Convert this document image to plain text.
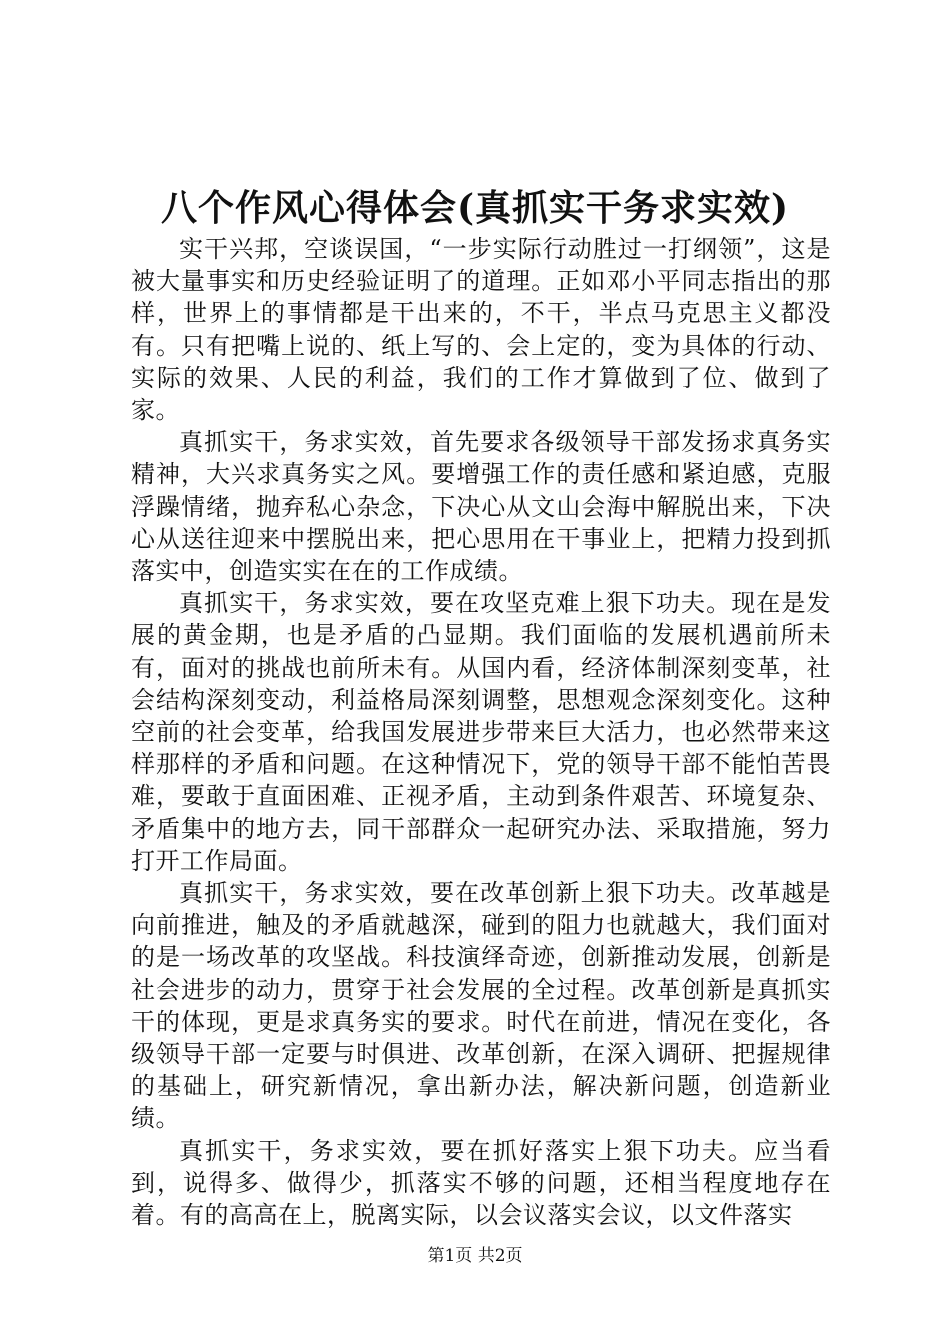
八个作风心得体会(真抓实干务求实效)

实干兴邦，空谈误国，“一步实际行动胜过一打纲领”，这是被大量事实和历史经验证明了的道理。正如邓小平同志指出的那样，世界上的事情都是干出来的，不干，半点马克思主义都没有。只有把嘴上说的、纸上写的、会上定的，变为具体的行动、实际的效果、人民的利益，我们的工作才算做到了位、做到了家。

真抓实干，务求实效，首先要求各级领导干部发扬求真务实精神，大兴求真务实之风。要增强工作的责任感和紧迫感，克服浮躁情绪，抛弃私心杂念，下决心从文山会海中解脱出来，下决心从送往迎来中摆脱出来，把心思用在干事业上，把精力投到抓落实中，创造实实在在的工作成绩。

真抓实干，务求实效，要在攻坚克难上狠下功夫。现在是发展的黄金期，也是矛盾的凸显期。我们面临的发展机遇前所未有，面对的挑战也前所未有。从国内看，经济体制深刻变革，社会结构深刻变动，利益格局深刻调整，思想观念深刻变化。这种空前的社会变革，给我国发展进步带来巨大活力，也必然带来这样那样的矛盾和问题。在这种情况下，党的领导干部不能怕苦畏难，要敢于直面困难、正视矛盾，主动到条件艰苦、环境复杂、矛盾集中的地方去，同干部群众一起研究办法、采取措施，努力打开工作局面。

真抓实干，务求实效，要在改革创新上狠下功夫。改革越是向前推进，触及的矛盾就越深，碰到的阻力也就越大，我们面对的是一场改革的攻坚战。科技演绎奇迹，创新推动发展，创新是社会进步的动力，贯穿于社会发展的全过程。改革创新是真抓实干的体现，更是求真务实的要求。时代在前进，情况在变化，各级领导干部一定要与时俱进、改革创新，在深入调研、把握规律的基础上，研究新情况，拿出新办法，解决新问题，创造新业绩。

真抓实干，务求实效，要在抓好落实上狠下功夫。应当看到，说得多、做得少，抓落实不够的问题，还相当程度地存在着。有的高高在上，脱离实际，以会议落实会议，以文件落实

第1页 共2页
